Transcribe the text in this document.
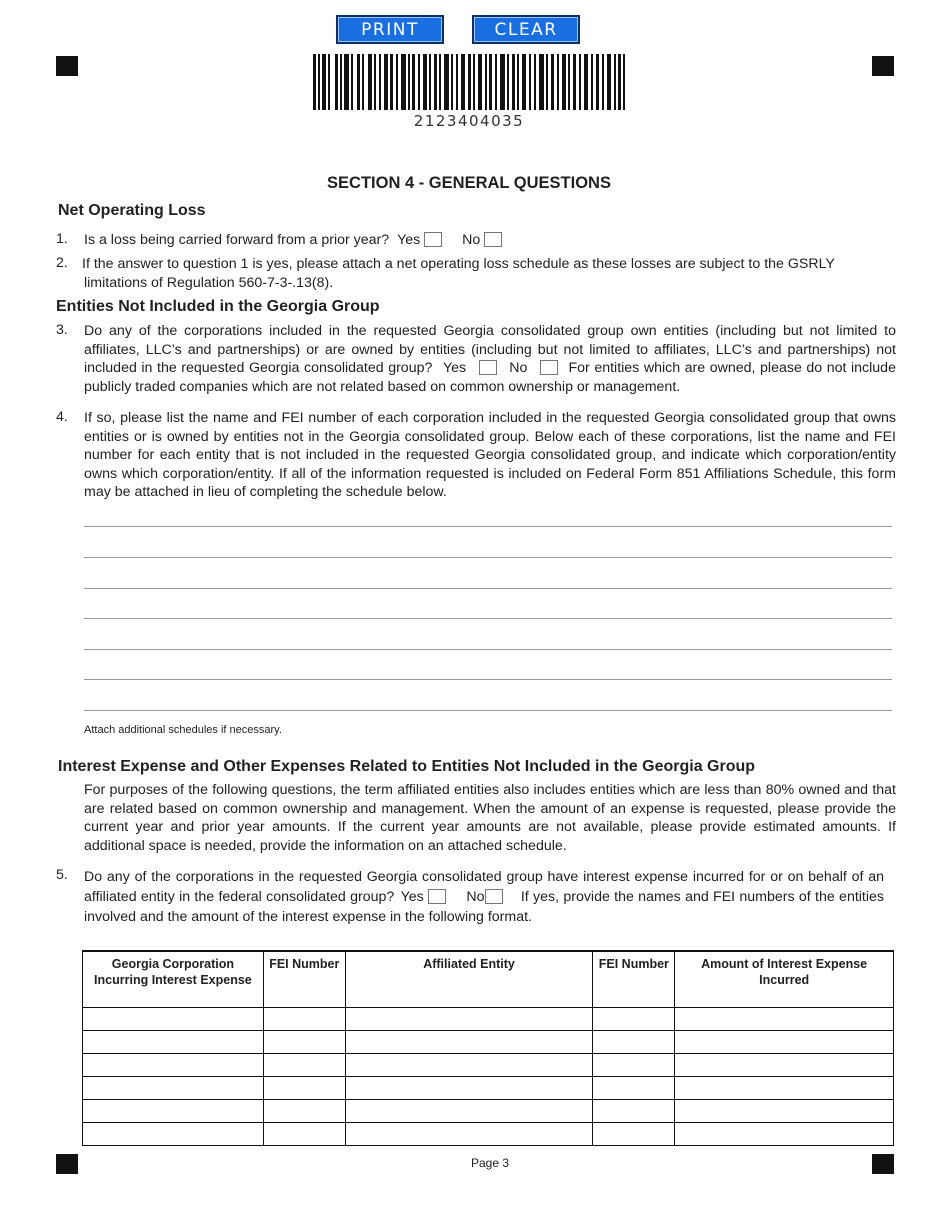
PRINT	CLEAR
2123404035
SECTION 4 - GENERAL QUESTIONS
Net Operating Loss
1. Is a loss being carried forward from a prior year? Yes	No
2. If the answer to question 1 is yes, please attach a net operating loss schedule as these losses are subject to the GSRLY
limitations of Regulation 560-7-3-.13(8).
Entities Not Included in the Georgia Group
3. Do any of the corporations included in the requested Georgia consolidated group own entities (including but not limited to affiliates, LLC’s and partnerships) or are owned by entities (including but not limited to affiliates, LLC’s and partnerships) not included in the requested Georgia consolidated group? Yes	No	For entities which are owned, please do not include publicly traded companies which are not related based on common ownership or management.
4. If so, please list the name and FEI number of each corporation included in the requested Georgia consolidated group that owns entities or is owned by entities not in the Georgia consolidated group. Below each of these corporations, list the name and FEI number for each entity that is not included in the requested Georgia consolidated group, and indicate which corporation/entity owns which corporation/entity. If all of the information requested is included on Federal Form 851 Affiliations Schedule, this form may be attached in lieu of completing the schedule below.
Attach additional schedules if necessary.
Interest Expense and Other Expenses Related to Entities Not Included in the Georgia Group
For purposes of the following questions, the term affiliated entities also includes entities which are less than 80% owned and that are related based on common ownership and management. When the amount of an expense is requested, please provide the current year and prior year amounts. If the current year amounts are not available, please provide estimated amounts. If additional space is needed, provide the information on an attached schedule.
5. Do any of the corporations in the requested Georgia consolidated group have interest expense incurred for or on behalf of an affiliated entity in the federal consolidated group? Yes	No	If yes, provide the names and FEI numbers of the entities involved and the amount of the interest expense in the following format.
Georgia Corporation Incurring Interest Expense	FEI Number	Affiliated Entity	FEI Number	Amount of Interest Expense Incurred

Page 3
